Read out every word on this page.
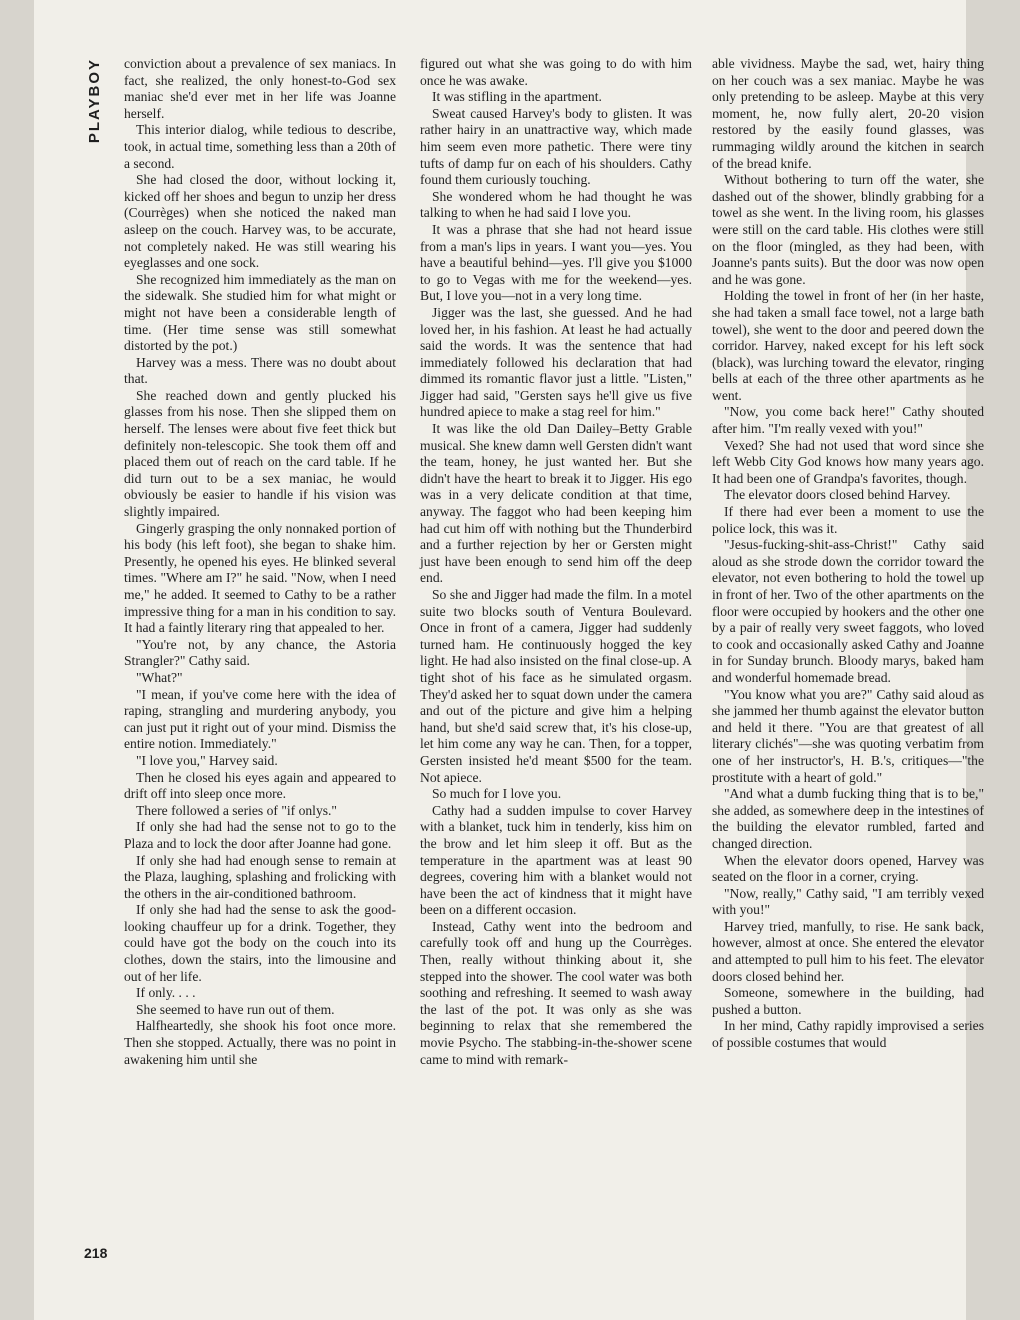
PLAYBOY	conviction about a prevalence of sex maniacs. In fact, she realized, the only honest-to-God sex maniac she'd ever met in her life was Joanne herself.

This interior dialog, while tedious to describe, took, in actual time, something less than a 20th of a second.

She had closed the door, without locking it, kicked off her shoes and begun to unzip her dress (Courrèges) when she noticed the naked man asleep on the couch. Harvey was, to be accurate, not completely naked. He was still wearing his eyeglasses and one sock.

She recognized him immediately as the man on the sidewalk. She studied him for what might or might not have been a considerable length of time. (Her time sense was still somewhat distorted by the pot.)

Harvey was a mess. There was no doubt about that.

She reached down and gently plucked his glasses from his nose. Then she slipped them on herself. The lenses were about five feet thick but definitely non-telescopic. She took them off and placed them out of reach on the card table. If he did turn out to be a sex maniac, he would obviously be easier to handle if his vision was slightly impaired.

Gingerly grasping the only nonnaked portion of his body (his left foot), she began to shake him. Presently, he opened his eyes. He blinked several times. "Where am I?" he said. "Now, when I need me," he added. It seemed to Cathy to be a rather impressive thing for a man in his condition to say. It had a faintly literary ring that appealed to her.

"You're not, by any chance, the Astoria Strangler?" Cathy said.

"What?"

"I mean, if you've come here with the idea of raping, strangling and murdering anybody, you can just put it right out of your mind. Dismiss the entire notion. Immediately."

"I love you," Harvey said.

Then he closed his eyes again and appeared to drift off into sleep once more.

There followed a series of "if onlys."

If only she had had the sense not to go to the Plaza and to lock the door after Joanne had gone.

If only she had had enough sense to remain at the Plaza, laughing, splashing and frolicking with the others in the air-conditioned bathroom.

If only she had had the sense to ask the good-looking chauffeur up for a drink. Together, they could have got the body on the couch into its clothes, down the stairs, into the limousine and out of her life.

If only. . . .

She seemed to have run out of them.

Halfheartedly, she shook his foot once more. Then she stopped. Actually, there was no point in awakening him until she

figured out what she was going to do with him once he was awake.

It was stifling in the apartment.

Sweat caused Harvey's body to glisten. It was rather hairy in an unattractive way, which made him seem even more pathetic. There were tiny tufts of damp fur on each of his shoulders. Cathy found them curiously touching.

She wondered whom he had thought he was talking to when he had said I love you.

It was a phrase that she had not heard issue from a man's lips in years. I want you—yes. You have a beautiful behind—yes. I'll give you $1000 to go to Vegas with me for the weekend—yes. But, I love you—not in a very long time.

Jigger was the last, she guessed. And he had loved her, in his fashion. At least he had actually said the words. It was the sentence that had immediately followed his declaration that had dimmed its romantic flavor just a little. "Listen," Jigger had said, "Gersten says he'll give us five hundred apiece to make a stag reel for him."

It was like the old Dan Dailey–Betty Grable musical. She knew damn well Gersten didn't want the team, honey, he just wanted her. But she didn't have the heart to break it to Jigger. His ego was in a very delicate condition at that time, anyway. The faggot who had been keeping him had cut him off with nothing but the Thunderbird and a further rejection by her or Gersten might just have been enough to send him off the deep end.

So she and Jigger had made the film. In a motel suite two blocks south of Ventura Boulevard. Once in front of a camera, Jigger had suddenly turned ham. He continuously hogged the key light. He had also insisted on the final close-up. A tight shot of his face as he simulated orgasm. They'd asked her to squat down under the camera and out of the picture and give him a helping hand, but she'd said screw that, it's his close-up, let him come any way he can. Then, for a topper, Gersten insisted he'd meant $500 for the team. Not apiece.

So much for I love you.

Cathy had a sudden impulse to cover Harvey with a blanket, tuck him in tenderly, kiss him on the brow and let him sleep it off. But as the temperature in the apartment was at least 90 degrees, covering him with a blanket would not have been the act of kindness that it might have been on a different occasion.

Instead, Cathy went into the bedroom and carefully took off and hung up the Courrèges. Then, really without thinking about it, she stepped into the shower. The cool water was both soothing and refreshing. It seemed to wash away the last of the pot. It was only as she was beginning to relax that she remembered the movie Psycho. The stabbing-in-the-shower scene came to mind with remark-

able vividness. Maybe the sad, wet, hairy thing on her couch was a sex maniac. Maybe he was only pretending to be asleep. Maybe at this very moment, he, now fully alert, 20-20 vision restored by the easily found glasses, was rummaging wildly around the kitchen in search of the bread knife.

Without bothering to turn off the water, she dashed out of the shower, blindly grabbing for a towel as she went. In the living room, his glasses were still on the card table. His clothes were still on the floor (mingled, as they had been, with Joanne's pants suits). But the door was now open and he was gone.

Holding the towel in front of her (in her haste, she had taken a small face towel, not a large bath towel), she went to the door and peered down the corridor. Harvey, naked except for his left sock (black), was lurching toward the elevator, ringing bells at each of the three other apartments as he went.

"Now, you come back here!" Cathy shouted after him. "I'm really vexed with you!"

Vexed? She had not used that word since she left Webb City God knows how many years ago. It had been one of Grandpa's favorites, though.

The elevator doors closed behind Harvey.

If there had ever been a moment to use the police lock, this was it.

"Jesus-fucking-shit-ass-Christ!" Cathy said aloud as she strode down the corridor toward the elevator, not even bothering to hold the towel up in front of her. Two of the other apartments on the floor were occupied by hookers and the other one by a pair of really very sweet faggots, who loved to cook and occasionally asked Cathy and Joanne in for Sunday brunch. Bloody marys, baked ham and wonderful homemade bread.

"You know what you are?" Cathy said aloud as she jammed her thumb against the elevator button and held it there. "You are that greatest of all literary clichés"—she was quoting verbatim from one of her instructor's, H. B.'s, critiques—"the prostitute with a heart of gold."

"And what a dumb fucking thing that is to be," she added, as somewhere deep in the intestines of the building the elevator rumbled, farted and changed direction.

When the elevator doors opened, Harvey was seated on the floor in a corner, crying.

"Now, really," Cathy said, "I am terribly vexed with you!"

Harvey tried, manfully, to rise. He sank back, however, almost at once. She entered the elevator and attempted to pull him to his feet. The elevator doors closed behind her.

Someone, somewhere in the building, had pushed a button.

In her mind, Cathy rapidly improvised a series of possible costumes that would

218
